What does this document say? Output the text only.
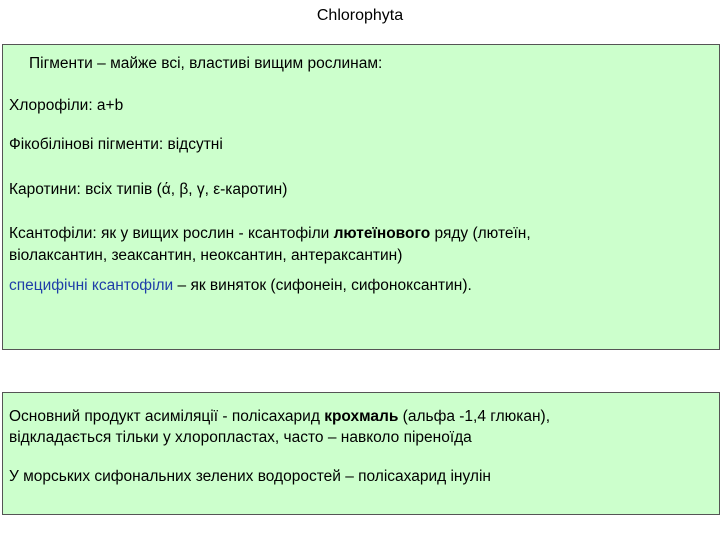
Chlorophyta
Пігменти – майже всі, властиві вищим рослинам:
Хлорофіли: a+b
Фікобілінові пігменти: відсутні
Каротини: всіх типів (ά, β, γ, ε-каротин)
Ксантофіли: як у вищих рослин - ксантофіли лютеїнового ряду (лютеїн,
віолаксантин, зеаксантин, неоксантин, антераксантин)
специфічні ксантофіли – як виняток (сифонеін, сифоноксантин).
Основний продукт асиміляції - полісахарид крохмаль (альфа -1,4 глюкан),
відкладається тільки у хлоропластах, часто – навколо піреноїда
У морських сифональних зелених водоростей – полісахарид інулін
